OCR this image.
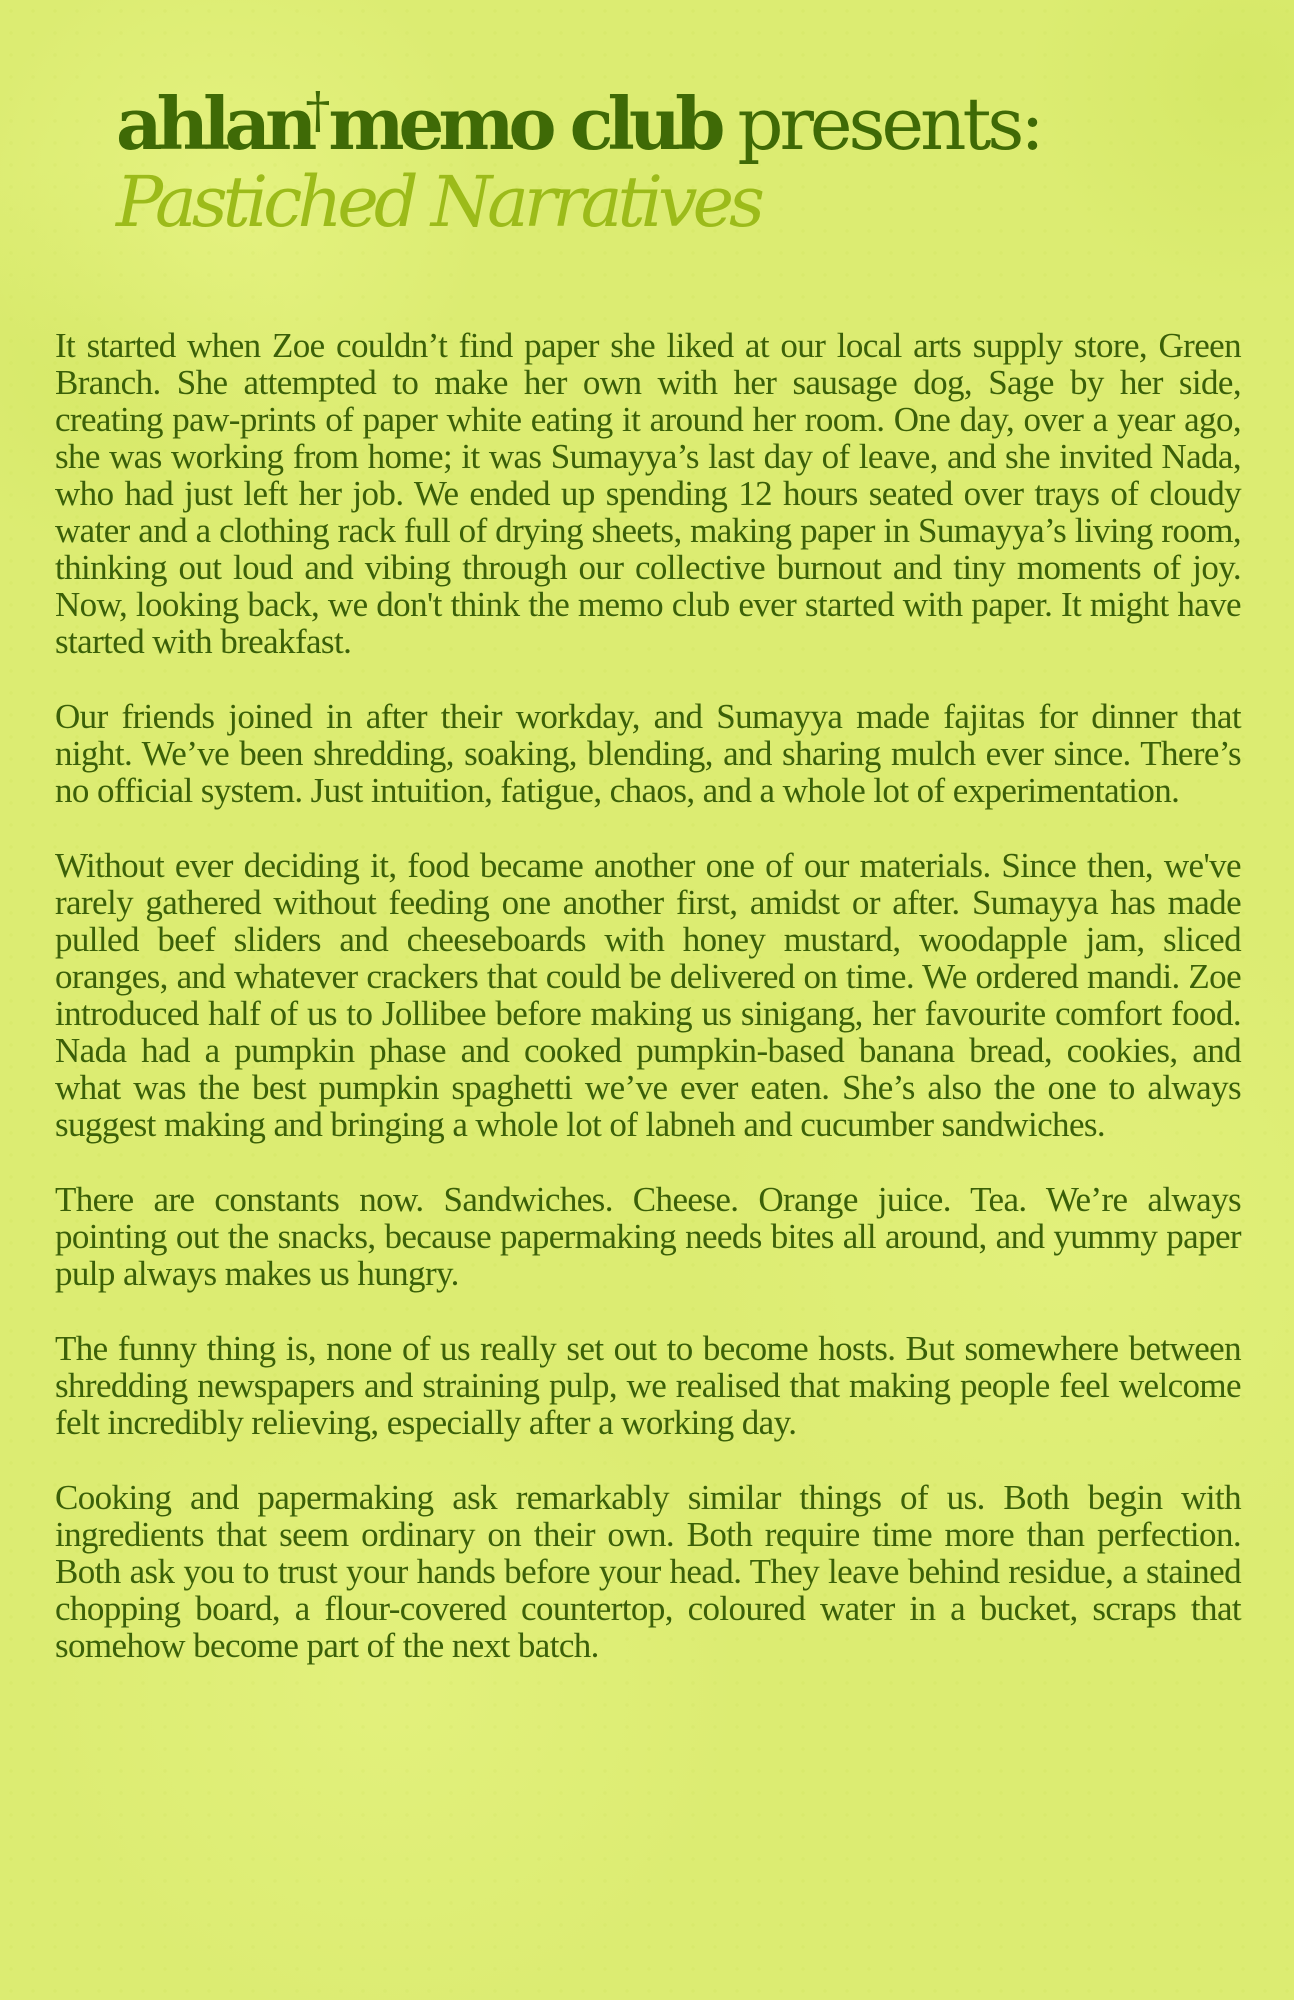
ahlan†memo club presents:
Pastiched Narratives

It started when Zoe couldn’t find paper she liked at our local arts supply store, Green Branch. She attempted to make her own with her sausage dog, Sage by her side, creating paw-prints of paper white eating it around her room. One day, over a year ago, she was working from home; it was Sumayya’s last day of leave, and she invited Nada, who had just left her job. We ended up spending 12 hours seated over trays of cloudy water and a clothing rack full of drying sheets, making paper in Sumayya’s living room, thinking out loud and vibing through our collective burnout and tiny moments of joy. Now, looking back, we don't think the memo club ever started with paper. It might have started with breakfast.

Our friends joined in after their workday, and Sumayya made fajitas for dinner that night. We’ve been shredding, soaking, blending, and sharing mulch ever since. There’s no official system. Just intuition, fatigue, chaos, and a whole lot of experimentation.

Without ever deciding it, food became another one of our materials. Since then, we've rarely gathered without feeding one another first, amidst or after. Sumayya has made pulled beef sliders and cheeseboards with honey mustard, woodapple jam, sliced oranges, and whatever crackers that could be delivered on time. We ordered mandi. Zoe introduced half of us to Jollibee before making us sinigang, her favourite comfort food. Nada had a pumpkin phase and cooked pumpkin-based banana bread, cookies, and what was the best pumpkin spaghetti we’ve ever eaten. She’s also the one to always suggest making and bringing a whole lot of labneh and cucumber sandwiches.

There are constants now. Sandwiches. Cheese. Orange juice. Tea. We’re always pointing out the snacks, because papermaking needs bites all around, and yummy paper pulp always makes us hungry.

The funny thing is, none of us really set out to become hosts. But somewhere between shredding newspapers and straining pulp, we realised that making people feel welcome felt incredibly relieving, especially after a working day.

Cooking and papermaking ask remarkably similar things of us. Both begin with ingredients that seem ordinary on their own. Both require time more than perfection. Both ask you to trust your hands before your head. They leave behind residue, a stained chopping board, a flour-covered countertop, coloured water in a bucket, scraps that somehow become part of the next batch.
